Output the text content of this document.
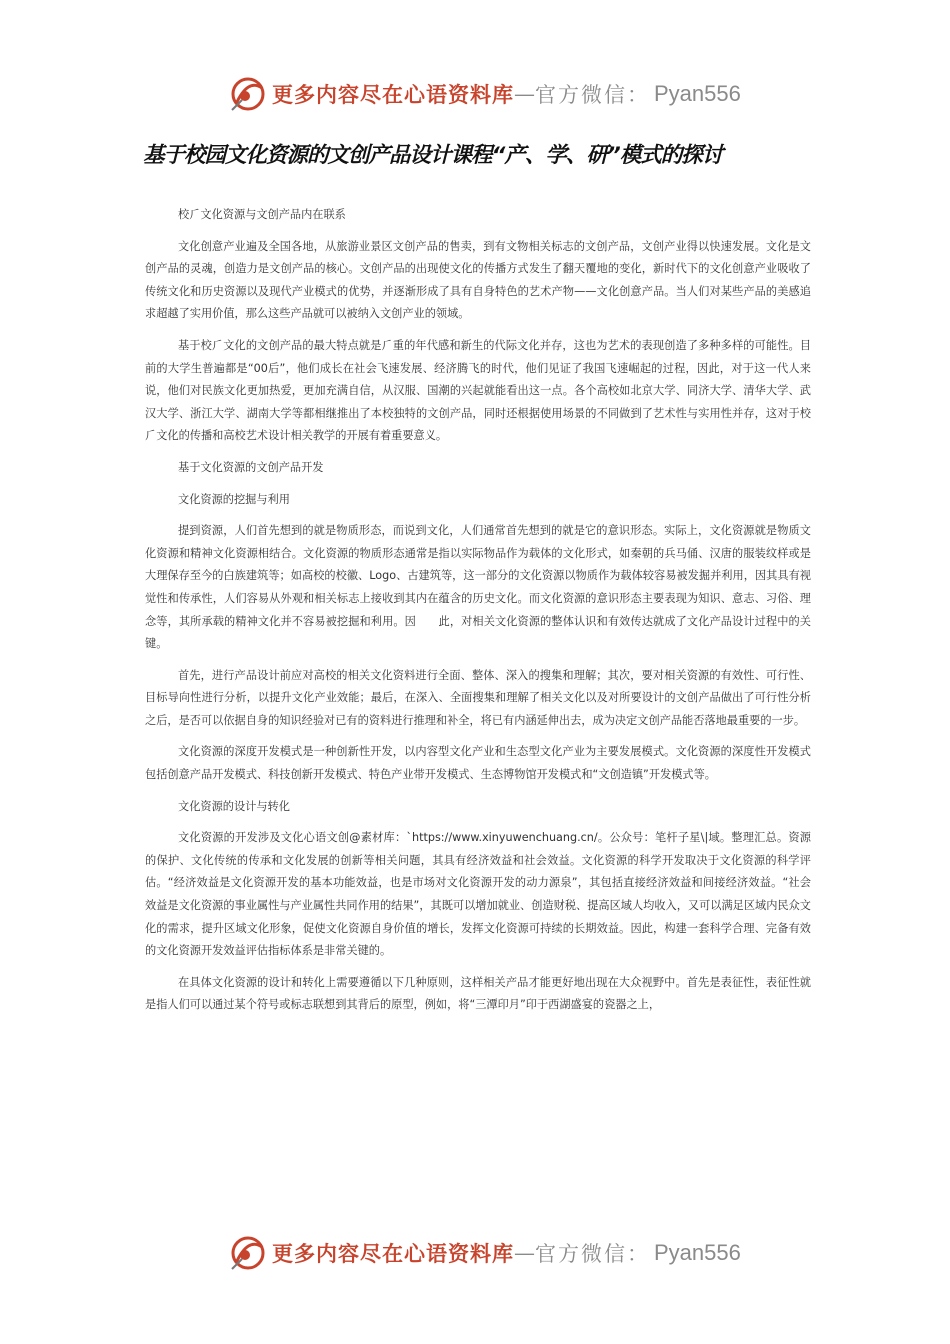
更多内容尽在心语资料库 — 官方微信： Pyan556
基于校园文化资源的文创产品设计课程“产、学、研”模式的探讨
校⺁文化资源与文创产品内在联系
文化创意产业遍及全国各地，从旅游业景区文创产品的售卖，到有文物相关标志的文创产品，文创产业得以快速发展。文化是文创产品的灵魂，创造力是文创产品的核心。文创产品的出现使文化的传播方式发生了翻天覆地的变化，新时代下的文化创意产业吸收了传统文化和历史资源以及现代产业模式的优势，并逐渐形成了具有自身特色的艺术产物——文化创意产品。当人们对某些产品的美感追求超越了实用价值，那么这些产品就可以被纳入文创产业的领域。
基于校⺁文化的文创产品的最大特点就是⺁重的年代感和新生的代际文化并存，这也为艺术的表现创造了多种多样的可能性。目前的大学生普遍都是“00后”，他们成长在社会飞速发展、经济腾飞的时代，他们见证了我国飞速崛起的过程，因此，对于这一代人来说，他们对民族文化更加热爱，更加充满自信，从汉服、国潮的兴起就能看出这一点。各个高校如北京大学、同济大学、清华大学、武汉大学、浙江大学、湖南大学等都相继推出了本校独特的文创产品，同时还根据使用场景的不同做到了艺术性与实用性并存，这对于校⺁文化的传播和高校艺术设计相关教学的开展有着重要意义。
基于文化资源的文创产品开发
文化资源的挖掘与利用
提到资源，人们首先想到的就是物质形态，而说到文化，人们通常首先想到的就是它的意识形态。实际上，文化资源就是物质文化资源和精神文化资源相结合。文化资源的物质形态通常是指以实际物品作为载体的文化形式，如秦朝的兵马俑、汉唐的服装纹样或是大理保存至今的白族建筑等；如高校的校徽、Logo、古建筑等，这一部分的文化资源以物质作为载体较容易被发掘并利用，因其具有视觉性和传承性，人们容易从外观和相关标志上接收到其内在蕴含的历史文化。而文化资源的意识形态主要表现为知识、意志、习俗、理念等，其所承载的精神文化并不容易被挖掘和利用。因　　此，对相关文化资源的整体认识和有效传达就成了文化产品设计过程中的关键。
首先，进行产品设计前应对高校的相关文化资料进行全面、整体、深入的搜集和理解；其次，要对相关资源的有效性、可行性、目标导向性进行分析，以提升文化产业效能；最后，在深入、全面搜集和理解了相关文化以及对所要设计的文创产品做出了可行性分析之后，是否可以依据自身的知识经验对已有的资料进行推理和补全，将已有内涵延伸出去，成为决定文创产品能否落地最重要的一步。
文化资源的深度开发模式是一种创新性开发，以内容型文化产业和生态型文化产业为主要发展模式。文化资源的深度性开发模式包括创意产品开发模式、科技创新开发模式、特色产业带开发模式、生态博物馆开发模式和“文创造镇”开发模式等。
文化资源的设计与转化
文化资源的开发涉及文化心语文创@素材库：`https://www.xinyuwenchuang.cn/。公众号：笔杆子星\|域。整理汇总。资源的保护、文化传统的传承和文化发展的创新等相关问题，其具有经济效益和社会效益。文化资源的科学开发取决于文化资源的科学评估。“经济效益是文化资源开发的基本功能效益，也是市场对文化资源开发的动力源泉”，其包括直接经济效益和间接经济效益。“社会效益是文化资源的事业属性与产业属性共同作用的结果”，其既可以增加就业、创造财税、提高区域人均收入，又可以满足区域内民众文化的需求，提升区域文化形象，促使文化资源自身价值的增长，发挥文化资源可持续的长期效益。因此，构建一套科学合理、完备有效的文化资源开发效益评估指标体系是非常关键的。
在具体文化资源的设计和转化上需要遵循以下几种原则，这样相关产品才能更好地出现在大众视野中。首先是表征性，表征性就是指人们可以通过某个符号或标志联想到其背后的原型，例如，将“三潭印月”印于西湖盛宴的瓷器之上，
更多内容尽在心语资料库 — 官方微信： Pyan556
